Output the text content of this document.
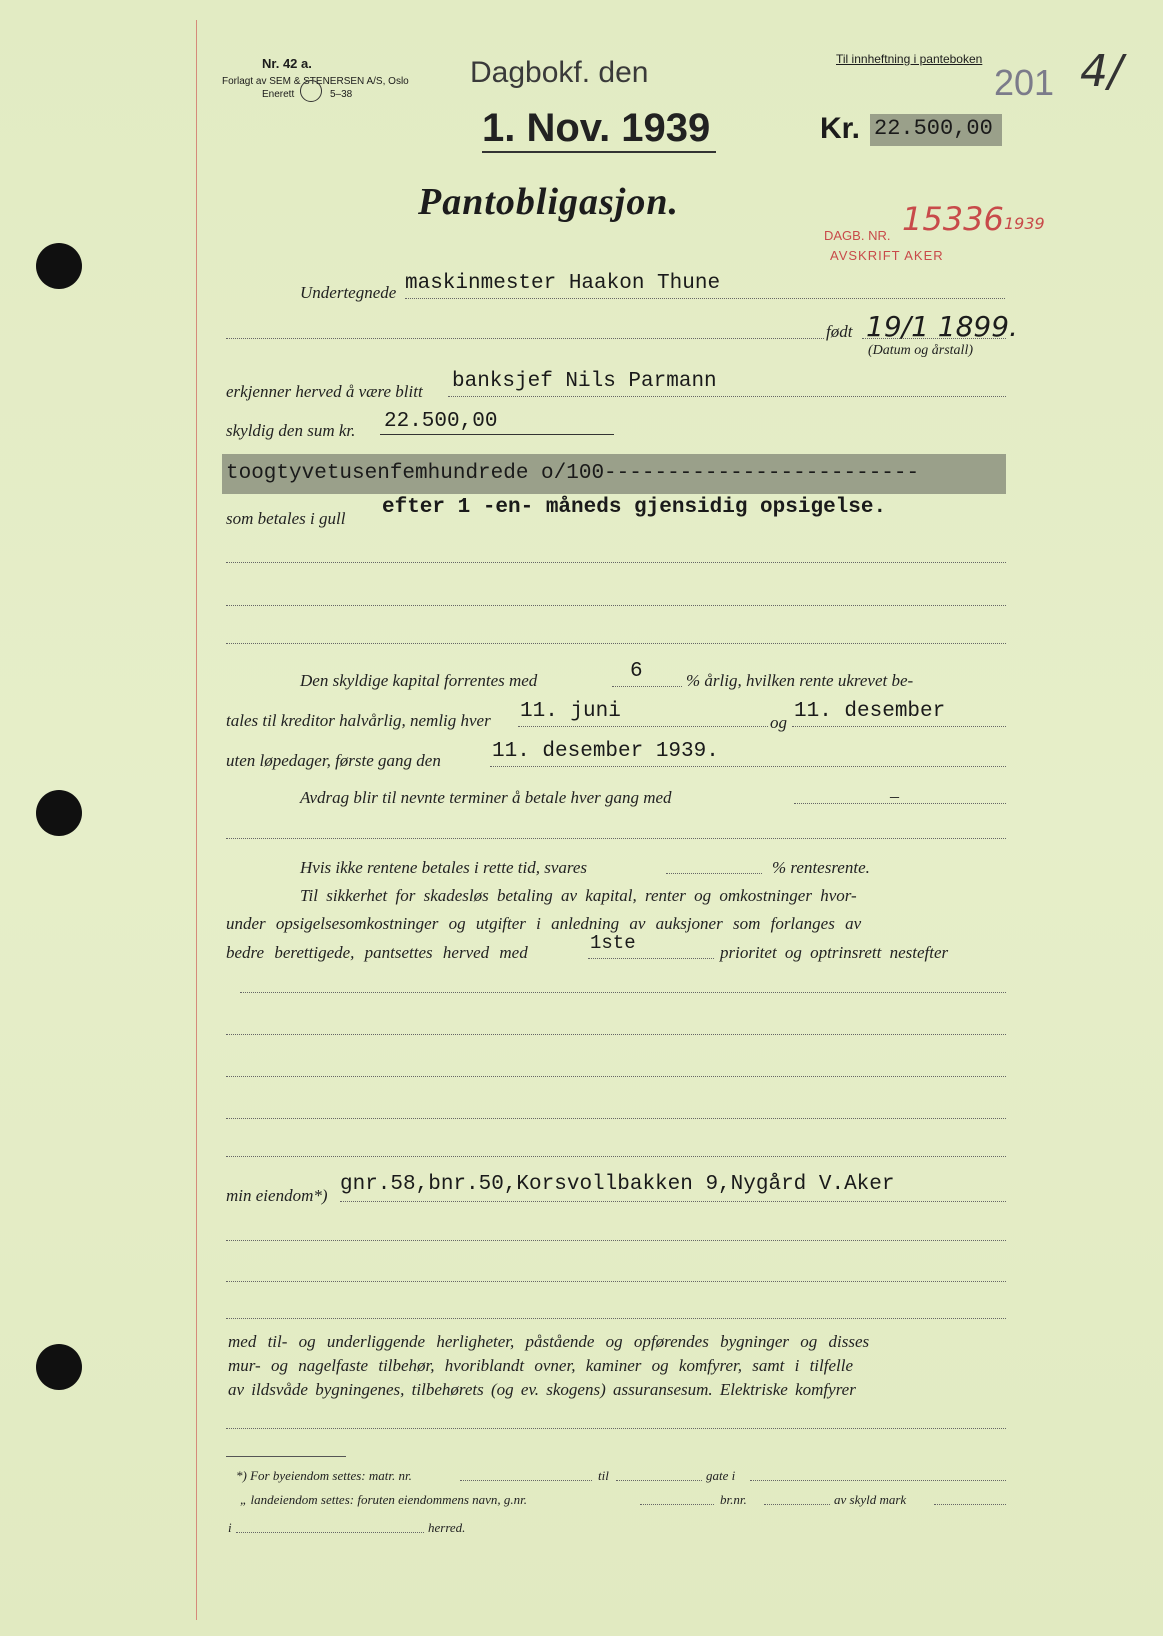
Nr. 42 a.
Forlagt av SEM & STENERSEN A/S, Oslo
Enerett	5–38
Dagbokf. den
1. Nov. 1939
Til innheftning i panteboken
201 4/
Kr. 22.500,00
Pantobligasjon.
DAGB. NR. 15336 1939
AVSKRIFT AKER
Undertegnede maskinmester Haakon Thune
født 19/1 1899.
(Datum og årstall)
erkjenner herved å være blitt banksjef Nils Parmann
skyldig den sum kr. 22.500,00
toogtyvetusenfemhundrede o/100-------------------------
som betales i gull efter 1 -en- måneds gjensidig opsigelse.
Den skyldige kapital forrentes med	6	% årlig, hvilken rente ukrevet be-
tales til kreditor halvårlig, nemlig hver 11. juni	og 11. desember
uten løpedager, første gang den 11. desember 1939.
Avdrag blir til nevnte terminer å betale hver gang med	–
Hvis ikke rentene betales i rette tid, svares	% rentesrente.
Til sikkerhet for skadesløs betaling av kapital, renter og omkostninger hvor-
under opsigelsesomkostninger og utgifter i anledning av auksjoner som forlanges av
bedre berettigede, pantsettes herved med	1ste	prioritet og optrinsrett nestefter
min eiendom*) gnr.58,bnr.50,Korsvollbakken 9,Nygård V.Aker
med til- og underliggende herligheter, påstående og opførendes bygninger og disses
mur- og nagelfaste tilbehør, hvoriblandt ovner, kaminer og komfyrer, samt i tilfelle
av ildsvåde bygningenes, tilbehørets (og ev. skogens) assuransesum. Elektriske komfyrer
*) For byeiendom settes: matr. nr.	til	gate i
„ landeiendom settes: foruten eiendommens navn, g.nr.	br.nr.	av skyld mark
i	herred.
